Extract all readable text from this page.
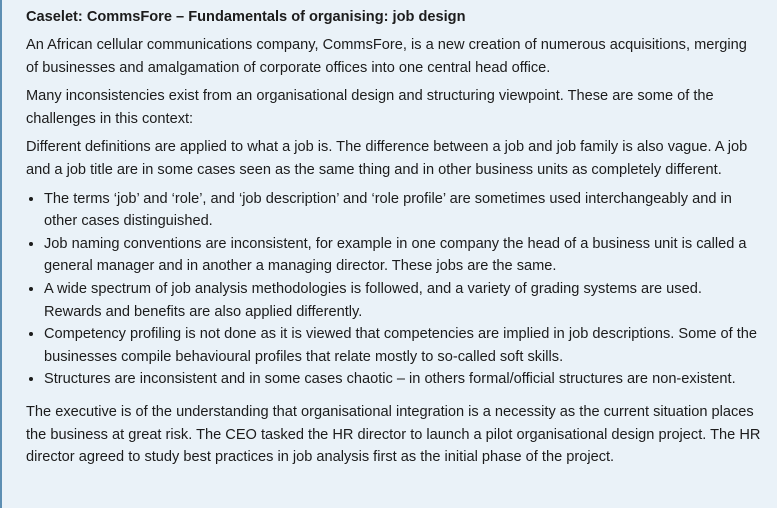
Caselet: CommsFore – Fundamentals of organising: job design

An African cellular communications company, CommsFore, is a new creation of numerous acquisitions, merging of businesses and amalgamation of corporate offices into one central head office.

Many inconsistencies exist from an organisational design and structuring viewpoint. These are some of the challenges in this context:

Different definitions are applied to what a job is. The difference between a job and job family is also vague. A job and a job title are in some cases seen as the same thing and in other business units as completely different.

• The terms ‘job’ and ‘role’, and ‘job description’ and ‘role profile’ are sometimes used interchangeably and in other cases distinguished.
• Job naming conventions are inconsistent, for example in one company the head of a business unit is called a general manager and in another a managing director. These jobs are the same.
• A wide spectrum of job analysis methodologies is followed, and a variety of grading systems are used. Rewards and benefits are also applied differently.
• Competency profiling is not done as it is viewed that competencies are implied in job descriptions. Some of the businesses compile behavioural profiles that relate mostly to so-called soft skills.
• Structures are inconsistent and in some cases chaotic – in others formal/official structures are non-existent.

The executive is of the understanding that organisational integration is a necessity as the current situation places the business at great risk. The CEO tasked the HR director to launch a pilot organisational design project. The HR director agreed to study best practices in job analysis first as the initial phase of the project.
